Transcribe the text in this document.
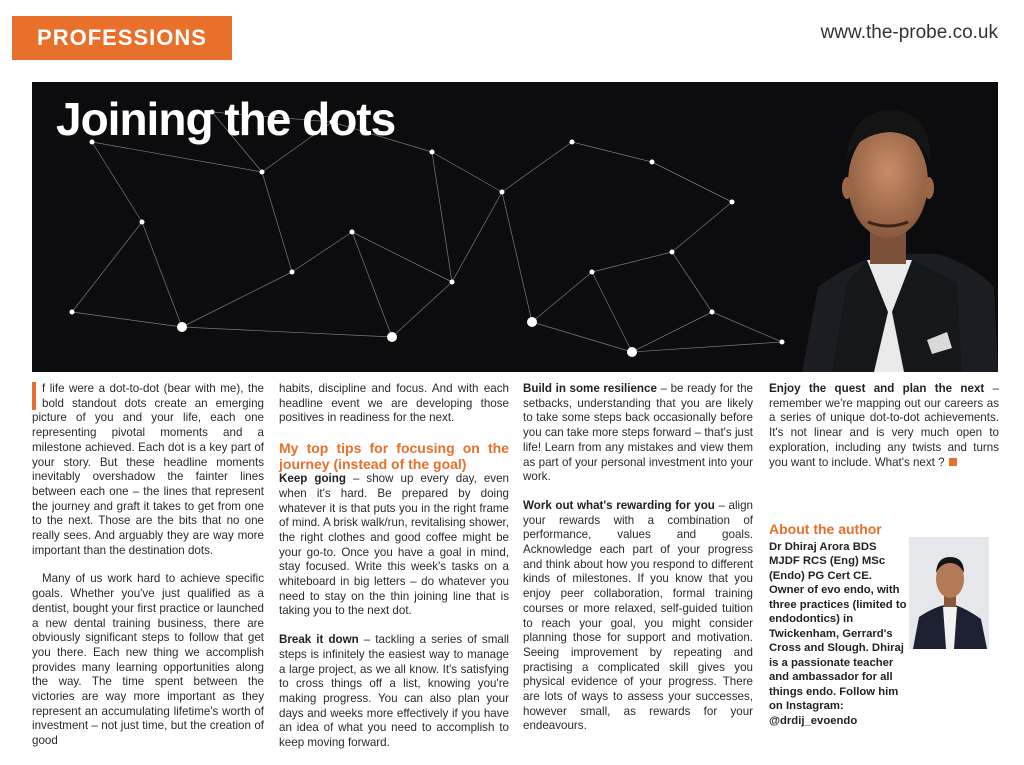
PROFESSIONS	www.the-probe.co.uk
Joining the dots

f life were a dot-to-dot (bear with me), the bold standout dots create an emerging picture of you and your life, each one representing pivotal moments and a milestone achieved. Each dot is a key part of your story. But these headline moments inevitably overshadow the fainter lines between each one – the lines that represent the journey and graft it takes to get from one to the next. Those are the bits that no one really sees. And arguably they are way more important than the destination dots.

Many of us work hard to achieve specific goals. Whether you've just qualified as a dentist, bought your first practice or launched a new dental training business, there are obviously significant steps to follow that get you there. Each new thing we accomplish provides many learning opportunities along the way. The time spent between the victories are way more important as they represent an accumulating lifetime's worth of investment – not just time, but the creation of good

habits, discipline and focus. And with each headline event we are developing those positives in readiness for the next.

My top tips for focusing on the journey (instead of the goal)

Keep going – show up every day, even when it's hard. Be prepared by doing whatever it is that puts you in the right frame of mind. A brisk walk/run, revitalising shower, the right clothes and good coffee might be your go-to. Once you have a goal in mind, stay focused. Write this week's tasks on a whiteboard in big letters – do whatever you need to stay on the thin joining line that is taking you to the next dot.

Break it down – tackling a series of small steps is infinitely the easiest way to manage a large project, as we all know. It's satisfying to cross things off a list, knowing you're making progress. You can also plan your days and weeks more effectively if you have an idea of what you need to accomplish to keep moving forward.

Build in some resilience – be ready for the setbacks, understanding that you are likely to take some steps back occasionally before you can take more steps forward – that's just life! Learn from any mistakes and view them as part of your personal investment into your work.

Work out what's rewarding for you – align your rewards with a combination of performance, values and goals. Acknowledge each part of your progress and think about how you respond to different kinds of milestones. If you know that you enjoy peer collaboration, formal training courses or more relaxed, self-guided tuition to reach your goal, you might consider planning those for support and motivation. Seeing improvement by repeating and practising a complicated skill gives you physical evidence of your progress. There are lots of ways to assess your successes, however small, as rewards for your endeavours.

Enjoy the quest and plan the next – remember we're mapping out our careers as a series of unique dot-to-dot achievements. It's not linear and is very much open to exploration, including any twists and turns you want to include. What's next ?

About the author
Dr Dhiraj Arora BDS MJDF RCS (Eng) MSc (Endo) PG Cert CE. Owner of evo endo, with three practices (limited to endodontics) in Twickenham, Gerrard's Cross and Slough. Dhiraj is a passionate teacher and ambassador for all things endo. Follow him on Instagram: @drdij_evoendo
